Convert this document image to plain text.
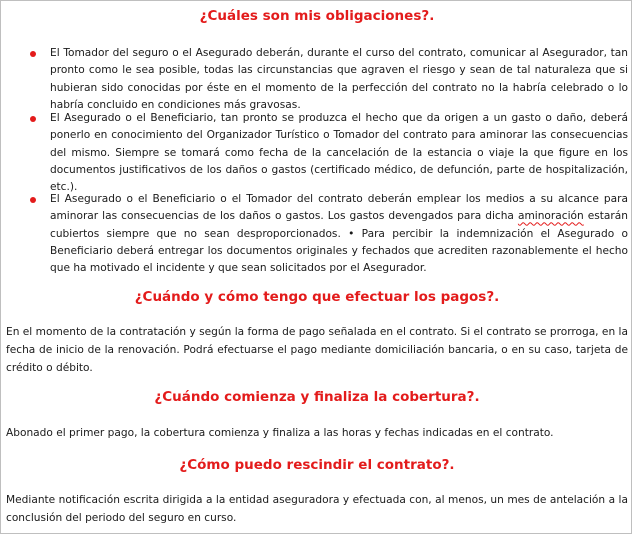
¿Cuáles son mis obligaciones?.
El Tomador del seguro o el Asegurado deberán, durante el curso del contrato, comunicar al Asegurador, tan pronto como le sea posible, todas las circunstancias que agraven el riesgo y sean de tal naturaleza que si hubieran sido conocidas por éste en el momento de la perfección del contrato no la habría celebrado o lo habría concluido en condiciones más gravosas.
El Asegurado o el Beneficiario, tan pronto se produzca el hecho que da origen a un gasto o daño, deberá ponerlo en conocimiento del Organizador Turístico o Tomador del contrato para aminorar las consecuencias del mismo. Siempre se tomará como fecha de la cancelación de la estancia o viaje la que figure en los documentos justificativos de los daños o gastos (certificado médico, de defunción, parte de hospitalización, etc.).
El Asegurado o el Beneficiario o el Tomador del contrato deberán emplear los medios a su alcance para aminorar las consecuencias de los daños o gastos. Los gastos devengados para dicha aminoración estarán cubiertos siempre que no sean desproporcionados. • Para percibir la indemnización el Asegurado o Beneficiario deberá entregar los documentos originales y fechados que acrediten razonablemente el hecho que ha motivado el incidente y que sean solicitados por el Asegurador.
¿Cuándo y cómo tengo que efectuar los pagos?.

En el momento de la contratación y según la forma de pago señalada en el contrato. Si el contrato se prorroga, en la fecha de inicio de la renovación. Podrá efectuarse el pago mediante domiciliación bancaria, o en su caso, tarjeta de crédito o débito.

¿Cuándo comienza y finaliza la cobertura?.

Abonado el primer pago, la cobertura comienza y finaliza a las horas y fechas indicadas en el contrato.

¿Cómo puedo rescindir el contrato?.

Mediante notificación escrita dirigida a la entidad aseguradora y efectuada con, al menos, un mes de antelación a la conclusión del periodo del seguro en curso.
